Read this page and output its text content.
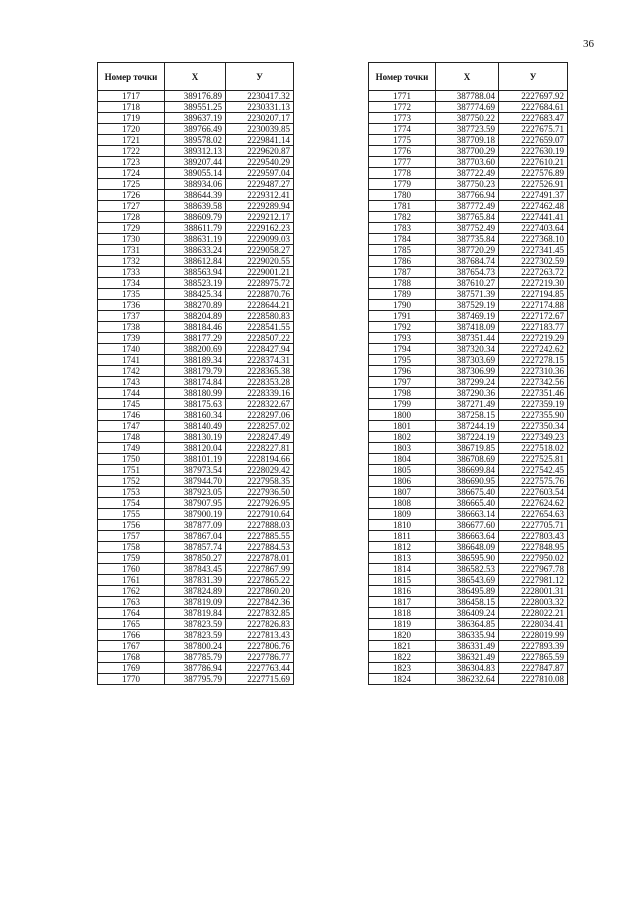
36
Номер точки	X	У
1717	389176.89	2230417.32
1718	389551.25	2230331.13
1719	389637.19	2230207.17
1720	389766.49	2230039.85
1721	389578.02	2229841.14
1722	389312.13	2229620.87
1723	389207.44	2229540.29
1724	389055.14	2229597.04
1725	388934.06	2229487.27
1726	388644.39	2229312.41
1727	388639.58	2229289.94
1728	388609.79	2229212.17
1729	388611.79	2229162.23
1730	388631.19	2229099.03
1731	388633.24	2229058.27
1732	388612.84	2229020.55
1733	388563.94	2229001.21
1734	388523.19	2228975.72
1735	388425.34	2228870.76
1736	388270.89	2228644.21
1737	388204.89	2228580.83
1738	388184.46	2228541.55
1739	388177.29	2228507.22
1740	388200.69	2228427.94
1741	388189.34	2228374.31
1742	388179.79	2228365.38
1743	388174.84	2228353.28
1744	388180.99	2228339.16
1745	388175.63	2228322.67
1746	388160.34	2228297.06
1747	388140.49	2228257.02
1748	388130.19	2228247.49
1749	388120.04	2228227.81
1750	388101.19	2228194.66
1751	387973.54	2228029.42
1752	387944.70	2227958.35
1753	387923.05	2227936.50
1754	387907.95	2227926.95
1755	387900.19	2227910.64
1756	387877.09	2227888.03
1757	387867.04	2227885.55
1758	387857.74	2227884.53
1759	387850.27	2227878.01
1760	387843.45	2227867.99
1761	387831.39	2227865.22
1762	387824.89	2227860.20
1763	387819.09	2227842.36
1764	387819.84	2227832.85
1765	387823.59	2227826.83
1766	387823.59	2227813.43
1767	387800.24	2227806.76
1768	387785.79	2227786.77
1769	387786.94	2227763.44
1770	387795.79	2227715.69
Номер точки	X	У
1771	387788.04	2227697.92
1772	387774.69	2227684.61
1773	387750.22	2227683.47
1774	387723.59	2227675.71
1775	387709.18	2227659.07
1776	387700.29	2227630.19
1777	387703.60	2227610.21
1778	387722.49	2227576.89
1779	387750.23	2227526.91
1780	387766.94	2227491.37
1781	387772.49	2227462.48
1782	387765.84	2227441.41
1783	387752.49	2227403.64
1784	387735.84	2227368.10
1785	387720.29	2227341.45
1786	387684.74	2227302.59
1787	387654.73	2227263.72
1788	387610.27	2227219.30
1789	387571.39	2227194.85
1790	387529.19	2227174.88
1791	387469.19	2227172.67
1792	387418.09	2227183.77
1793	387351.44	2227219.29
1794	387320.34	2227242.62
1795	387303.69	2227278.15
1796	387306.99	2227310.36
1797	387299.24	2227342.56
1798	387290.36	2227351.46
1799	387271.49	2227359.19
1800	387258.15	2227355.90
1801	387244.19	2227350.34
1802	387224.19	2227349.23
1803	386719.85	2227518.02
1804	386708.69	2227525.81
1805	386699.84	2227542.45
1806	386690.95	2227575.76
1807	386675.40	2227603.54
1808	386665.40	2227624.62
1809	386663.14	2227654.63
1810	386677.60	2227705.71
1811	386663.64	2227803.43
1812	386648.09	2227848.95
1813	386595.90	2227950.02
1814	386582.53	2227967.78
1815	386543.69	2227981.12
1816	386495.89	2228001.31
1817	386458.15	2228003.32
1818	386409.24	2228022.21
1819	386364.85	2228034.41
1820	386335.94	2228019.99
1821	386331.49	2227893.39
1822	386321.49	2227865.59
1823	386304.83	2227847.87
1824	386232.64	2227810.08
